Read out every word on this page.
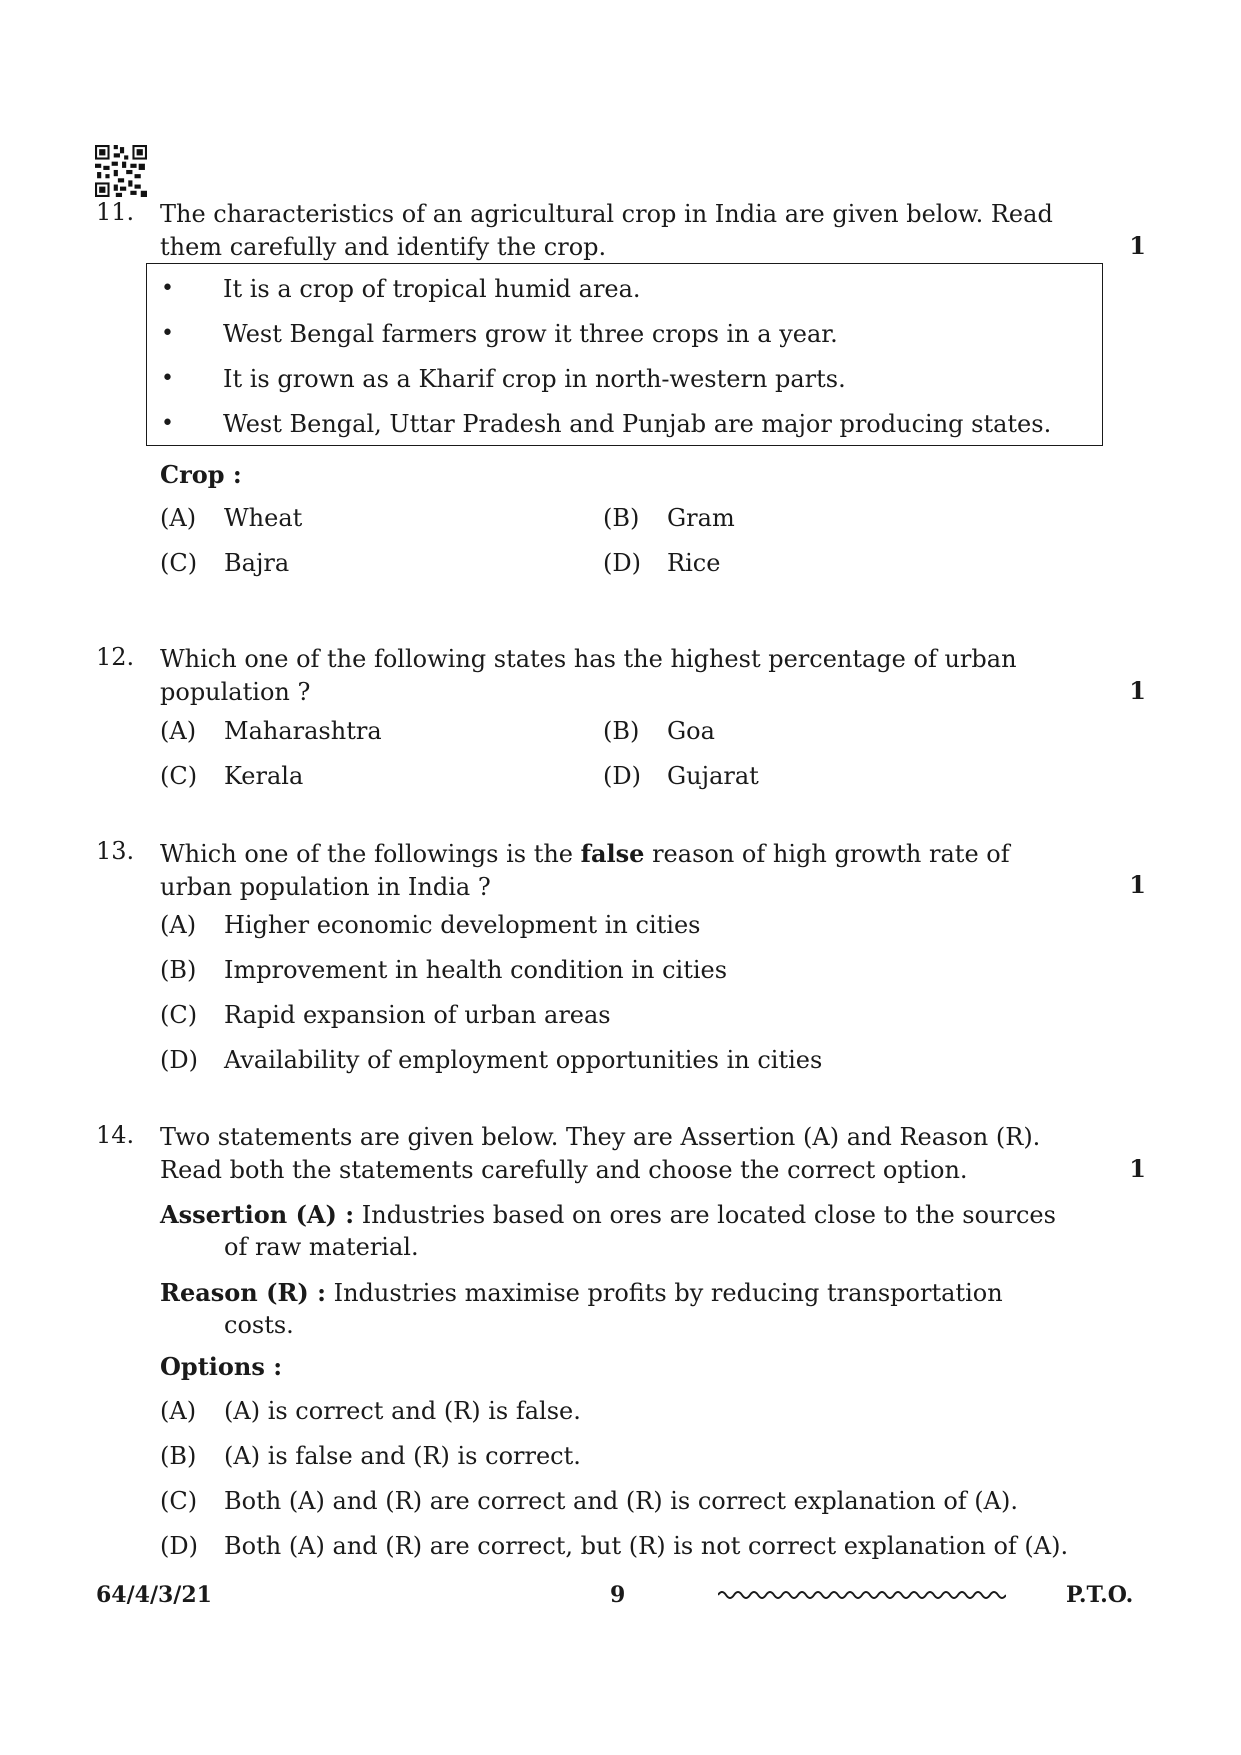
11.	The characteristics of an agricultural crop in India are given below. Read
them carefully and identify the crop.	1
• It is a crop of tropical humid area.
• West Bengal farmers grow it three crops in a year.
• It is grown as a Kharif crop in north-western parts.
• West Bengal, Uttar Pradesh and Punjab are major producing states.
Crop :
(A) Wheat	(B) Gram
(C) Bajra	(D) Rice
12.	Which one of the following states has the highest percentage of urban
population ?	1
(A) Maharashtra	(B) Goa
(C) Kerala	(D) Gujarat
13.	Which one of the followings is the false reason of high growth rate of
urban population in India ?	1
(A) Higher economic development in cities
(B) Improvement in health condition in cities
(C) Rapid expansion of urban areas
(D) Availability of employment opportunities in cities
14.	Two statements are given below. They are Assertion (A) and Reason (R).
Read both the statements carefully and choose the correct option.	1
Assertion (A) : Industries based on ores are located close to the sources
of raw material.
Reason (R) : Industries maximise profits by reducing transportation
costs.
Options :
(A) (A) is correct and (R) is false.
(B) (A) is false and (R) is correct.
(C) Both (A) and (R) are correct and (R) is correct explanation of (A).
(D) Both (A) and (R) are correct, but (R) is not correct explanation of (A).
64/4/3/21	9	P.T.O.
